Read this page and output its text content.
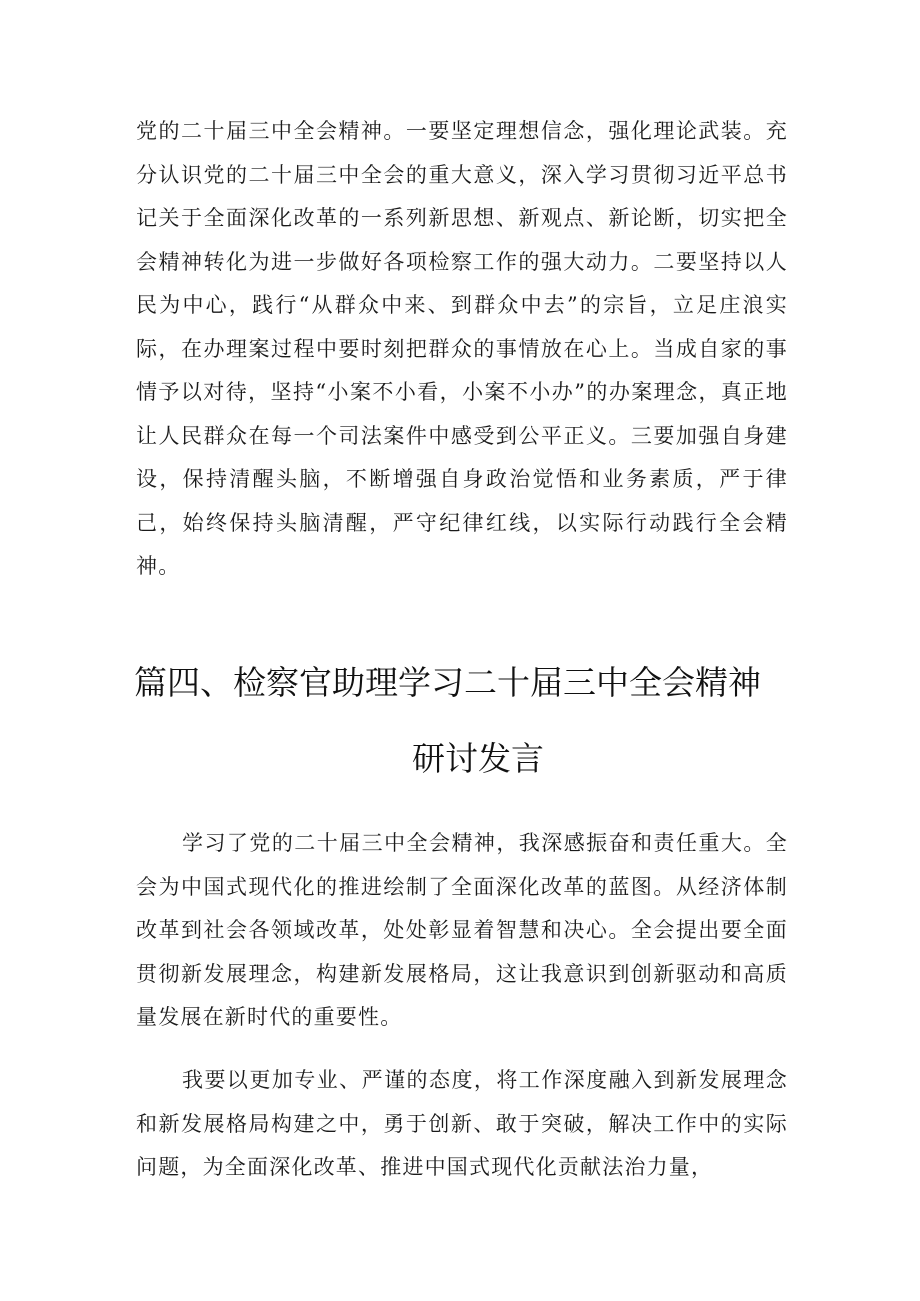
党的二十届三中全会精神。一要坚定理想信念，强化理论武装。充分认识党的二十届三中全会的重大意义，深入学习贯彻习近平总书记关于全面深化改革的一系列新思想、新观点、新论断，切实把全会精神转化为进一步做好各项检察工作的强大动力。二要坚持以人民为中心，践行“从群众中来、到群众中去”的宗旨，立足庄浪实际，在办理案过程中要时刻把群众的事情放在心上。当成自家的事情予以对待，坚持“小案不小看，小案不小办”的办案理念，真正地让人民群众在每一个司法案件中感受到公平正义。三要加强自身建设，保持清醒头脑，不断增强自身政治觉悟和业务素质，严于律己，始终保持头脑清醒，严守纪律红线，以实际行动践行全会精神。

篇四、检察官助理学习二十届三中全会精神
研讨发言

学习了党的二十届三中全会精神，我深感振奋和责任重大。全会为中国式现代化的推进绘制了全面深化改革的蓝图。从经济体制改革到社会各领域改革，处处彰显着智慧和决心。全会提出要全面贯彻新发展理念，构建新发展格局，这让我意识到创新驱动和高质量发展在新时代的重要性。

我要以更加专业、严谨的态度，将工作深度融入到新发展理念和新发展格局构建之中，勇于创新、敢于突破，解决工作中的实际问题，为全面深化改革、推进中国式现代化贡献法治力量，
